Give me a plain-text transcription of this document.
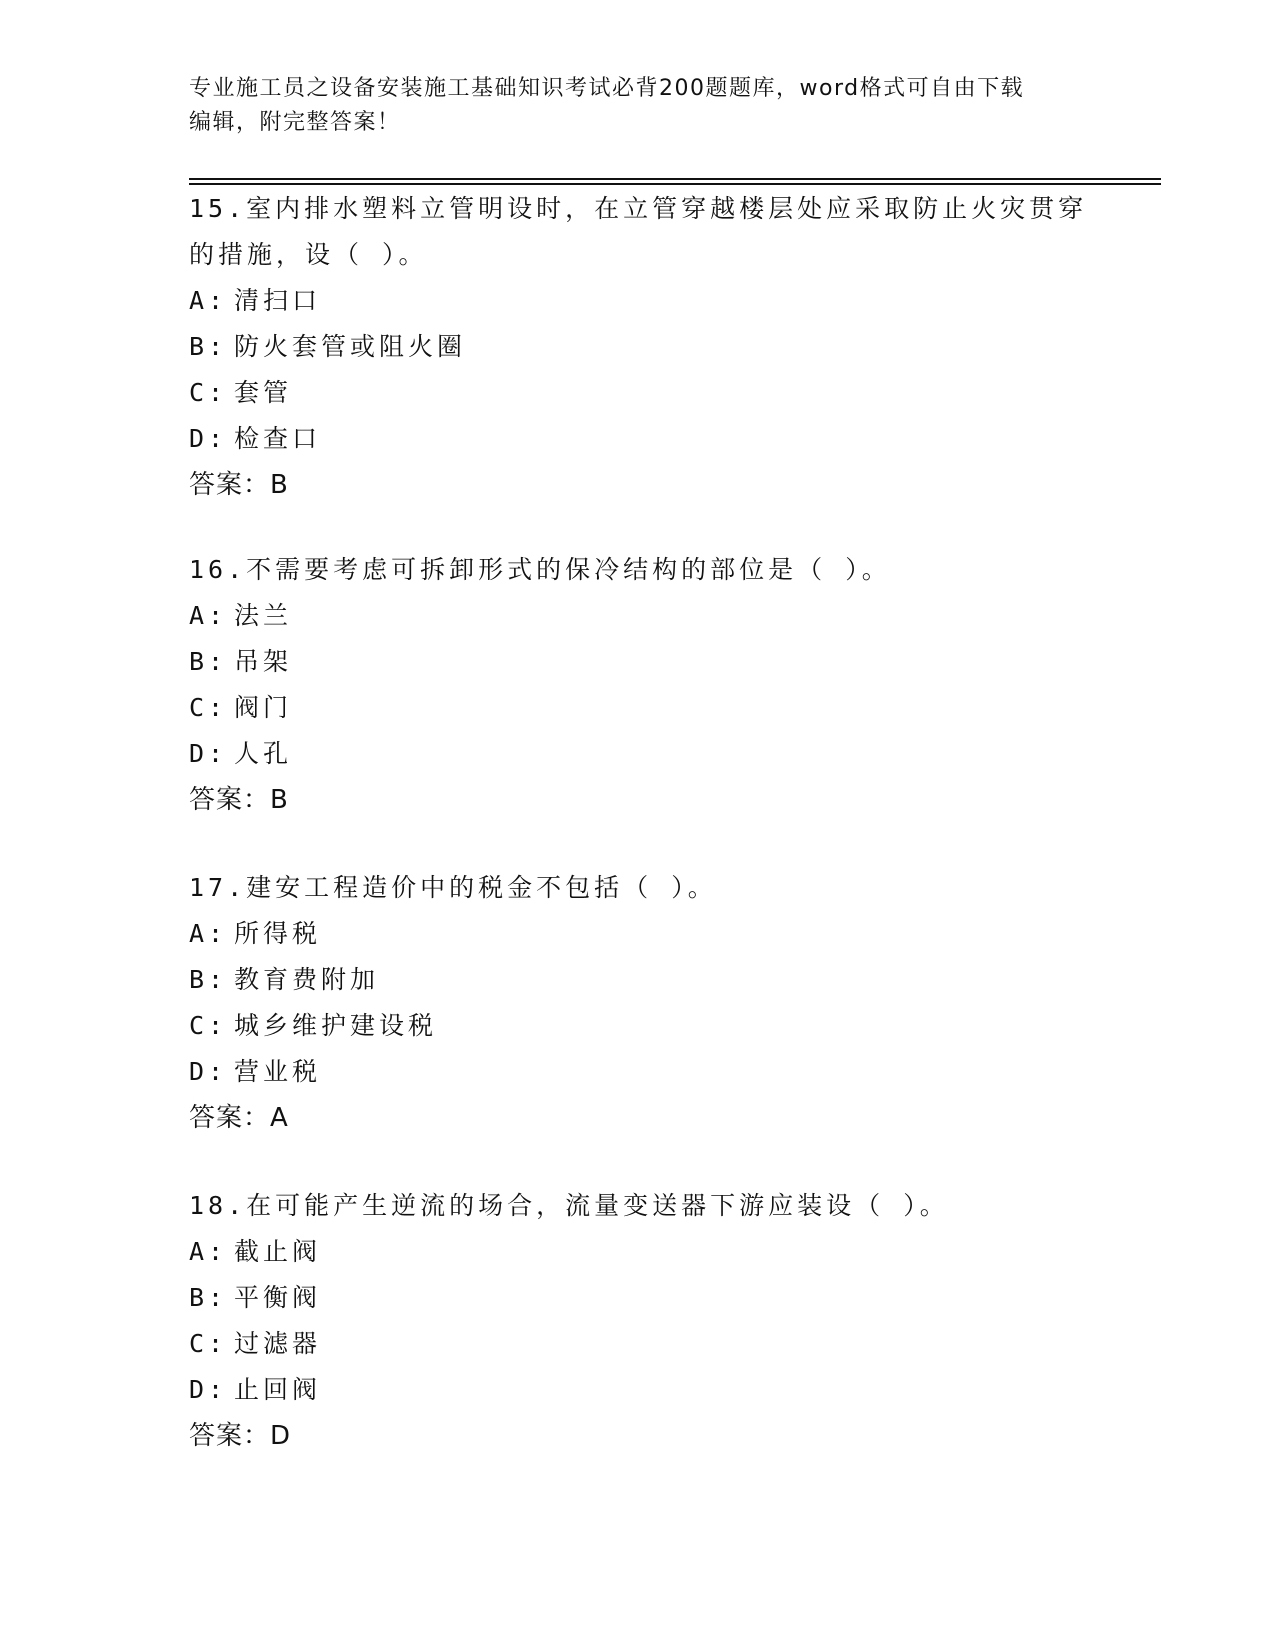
专业施工员之设备安装施工基础知识考试必背200题题库，word格式可自由下载
编辑，附完整答案！

15.室内排水塑料立管明设时，在立管穿越楼层处应采取防止火灾贯穿

的措施，设（ ）。

A: 清扫口

B: 防火套管或阻火圈

C: 套管

D: 检查口

答案：B

16.不需要考虑可拆卸形式的保冷结构的部位是（ ）。

A: 法兰

B: 吊架

C: 阀门

D: 人孔

答案：B

17.建安工程造价中的税金不包括（ ）。

A: 所得税

B: 教育费附加

C: 城乡维护建设税

D: 营业税

答案：A

18.在可能产生逆流的场合，流量变送器下游应装设（ ）。

A: 截止阀

B: 平衡阀

C: 过滤器

D: 止回阀

答案：D
